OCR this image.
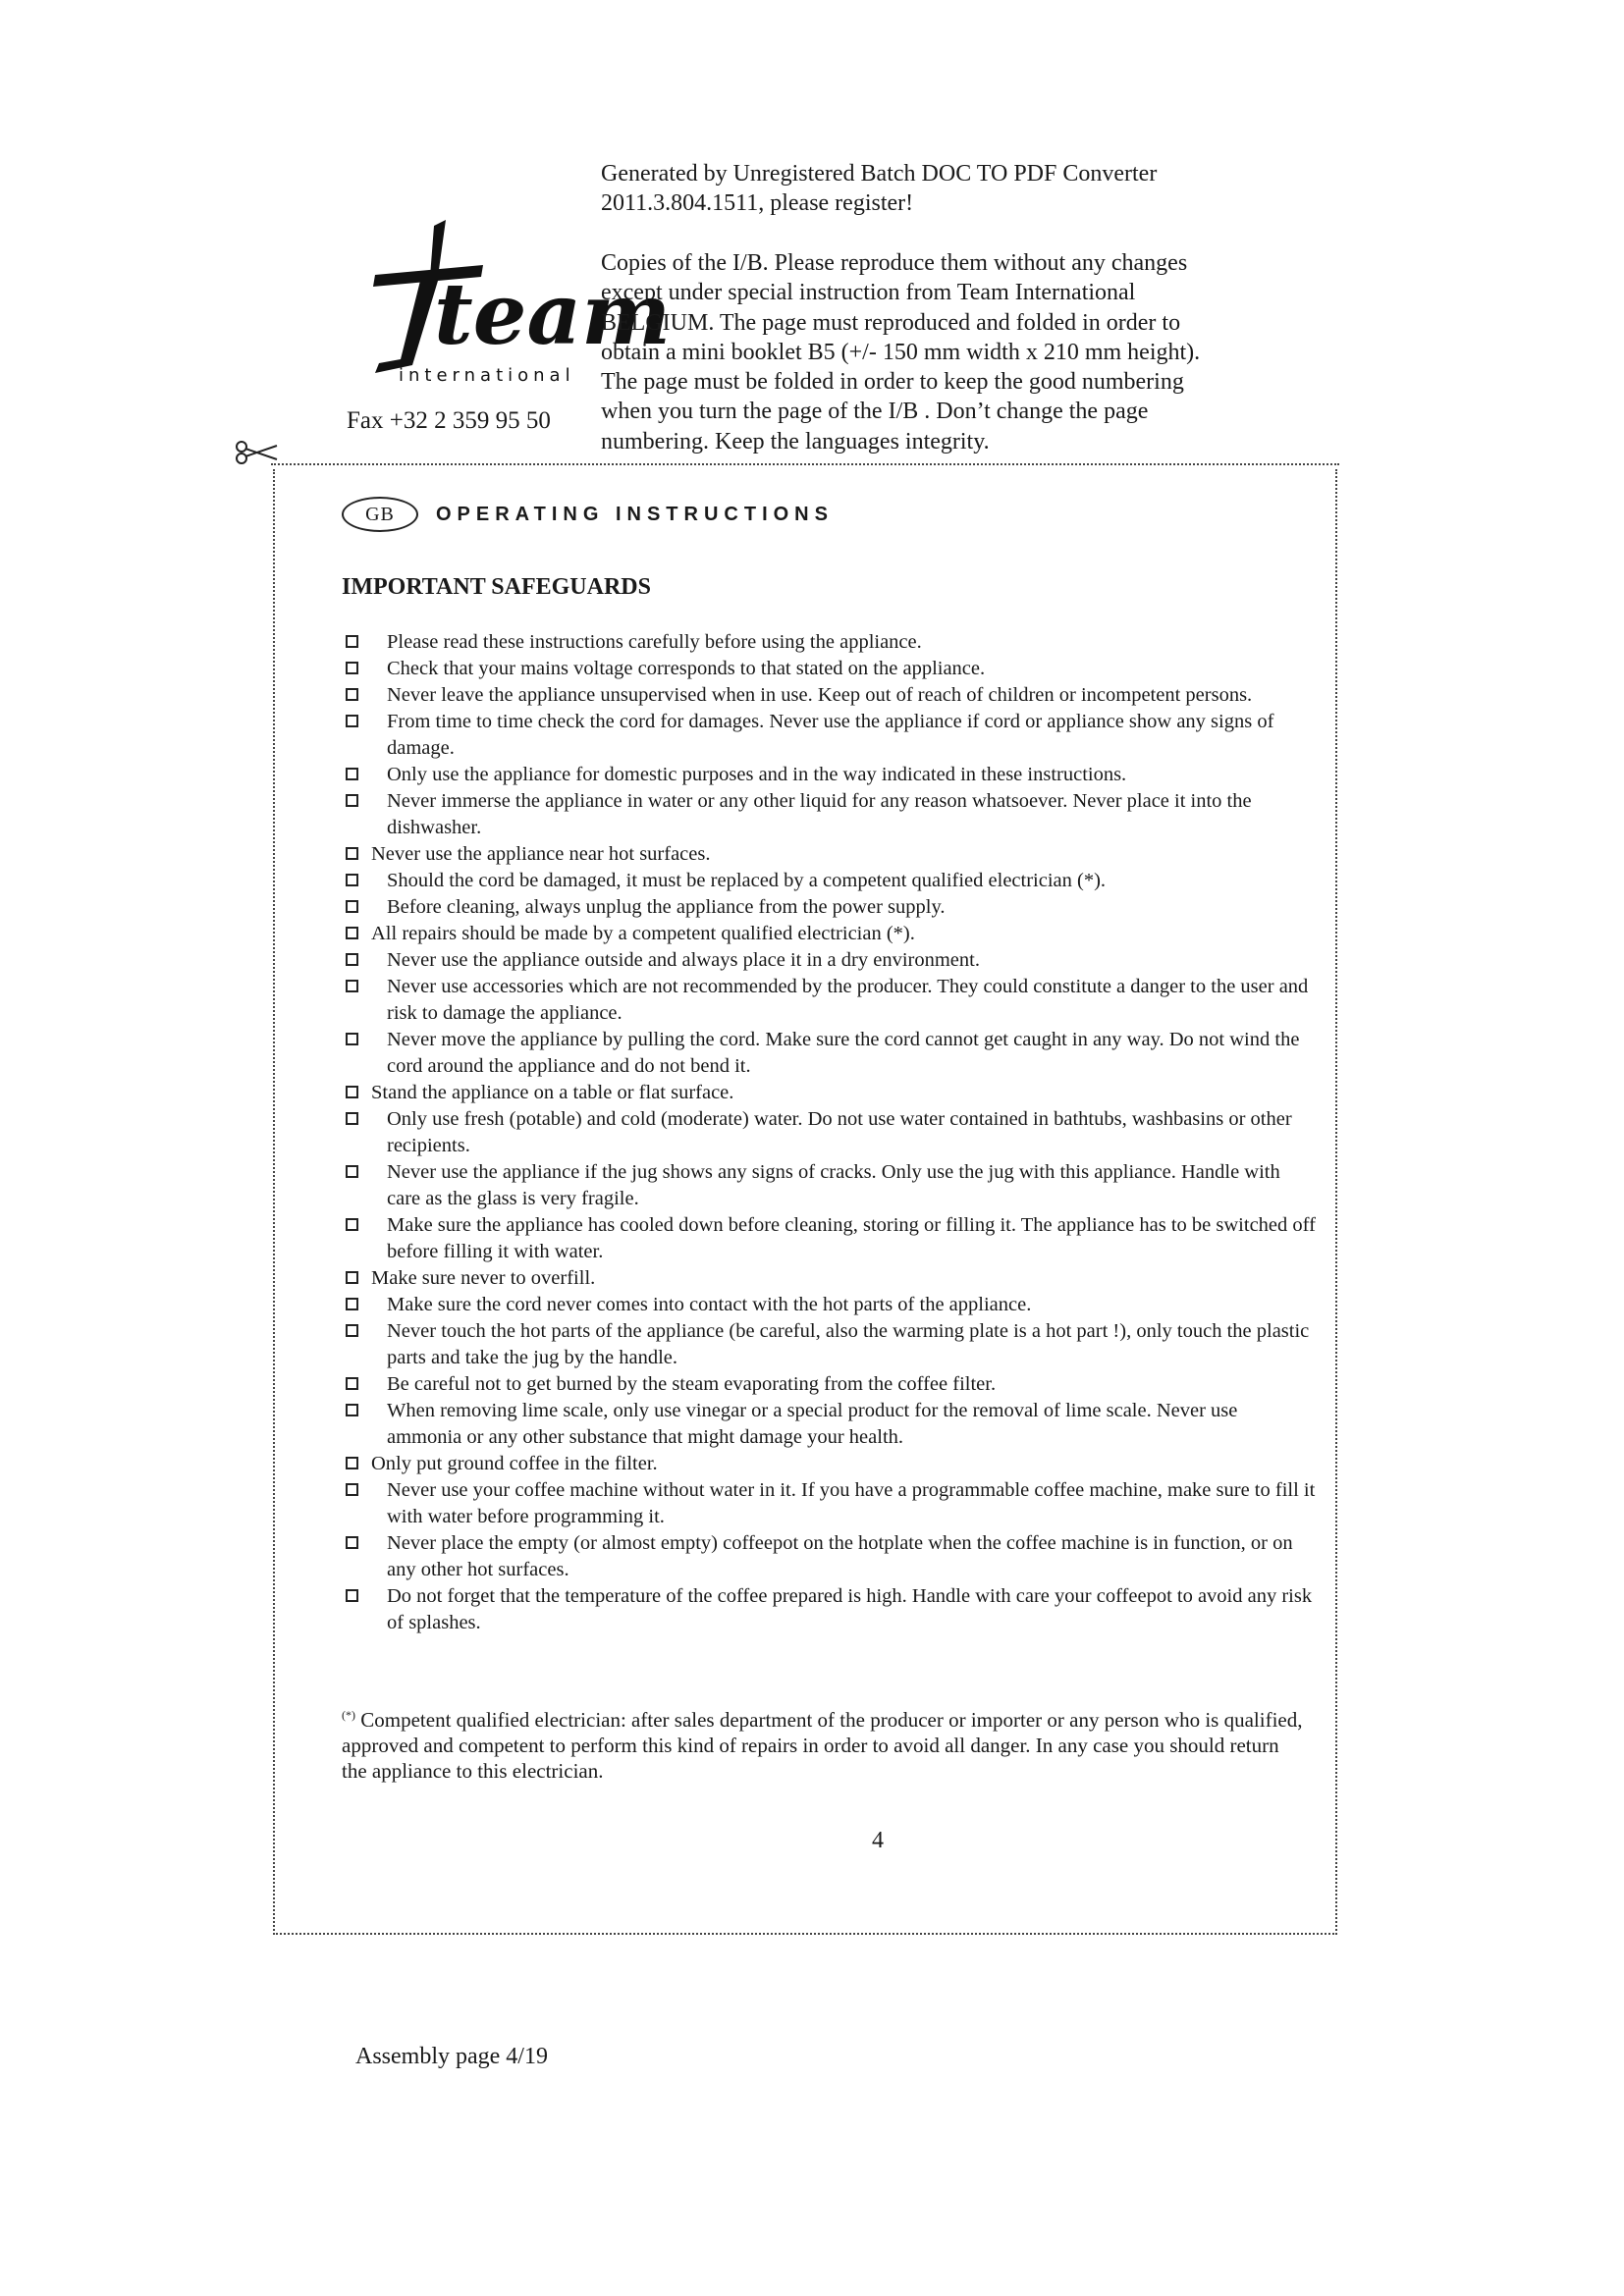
Generated by Unregistered Batch DOC TO PDF Converter
2011.3.804.1511, please register!
team
international
Copies of the I/B. Please reproduce them without any changes
except under special instruction from Team International
BELGIUM. The page must reproduced and folded in order to
obtain a mini booklet B5 (+/- 150 mm width x 210 mm height).
The page must be folded in order to keep the good numbering
when you turn the page of the I/B . Don’t change the page
numbering. Keep the languages integrity.
Fax +32 2 359 95 50
GB	OPERATING INSTRUCTIONS
IMPORTANT SAFEGUARDS
Please read these instructions carefully before using the appliance.
Check that your mains voltage corresponds to that stated on the appliance.
Never leave the appliance unsupervised when in use. Keep out of reach of children or incompetent persons.
From time to time check the cord for damages. Never use the appliance if cord or appliance show any signs of damage.
Only use the appliance for domestic purposes and in the way indicated in these instructions.
Never immerse the appliance in water or any other liquid for any reason whatsoever. Never place it into the dishwasher.
Never use the appliance near hot surfaces.
Should the cord be damaged, it must be replaced by a competent qualified electrician (*).
Before cleaning, always unplug the appliance from the power supply.
All repairs should be made by a competent qualified electrician (*).
Never use the appliance outside and always place it in a dry environment.
Never use accessories which are not recommended by the producer. They could constitute a danger to the user and risk to damage the appliance.
Never move the appliance by pulling the cord. Make sure the cord cannot get caught in any way. Do not wind the cord around the appliance and do not bend it.
Stand the appliance on a table or flat surface.
Only use fresh (potable) and cold (moderate) water. Do not use water contained in bathtubs, washbasins or other recipients.
Never use the appliance if the jug shows any signs of cracks. Only use the jug with this appliance. Handle with care as the glass is very fragile.
Make sure the appliance has cooled down before cleaning, storing or filling it. The appliance has to be switched off before filling it with water.
Make sure never to overfill.
Make sure the cord never comes into contact with the hot parts of the appliance.
Never touch the hot parts of the appliance (be careful, also the warming plate is a hot part !), only touch the plastic parts and take the jug by the handle.
Be careful not to get burned by the steam evaporating from the coffee filter.
When removing lime scale, only use vinegar or a special product for the removal of lime scale. Never use ammonia or any other substance that might damage your health.
Only put ground coffee in the filter.
Never use your coffee machine without water in it. If you have a programmable coffee machine, make sure to fill it with water before programming it.
Never place the empty (or almost empty) coffeepot on the hotplate when the coffee machine is in function, or on any other hot surfaces.
Do not forget that the temperature of the coffee prepared is high. Handle with care your coffeepot to avoid any risk of splashes.
(*) Competent qualified electrician: after sales department of the producer or importer or any person who is qualified, approved and competent to perform this kind of repairs in order to avoid all danger. In any case you should return the appliance to this electrician.
4
Assembly page 4/19
